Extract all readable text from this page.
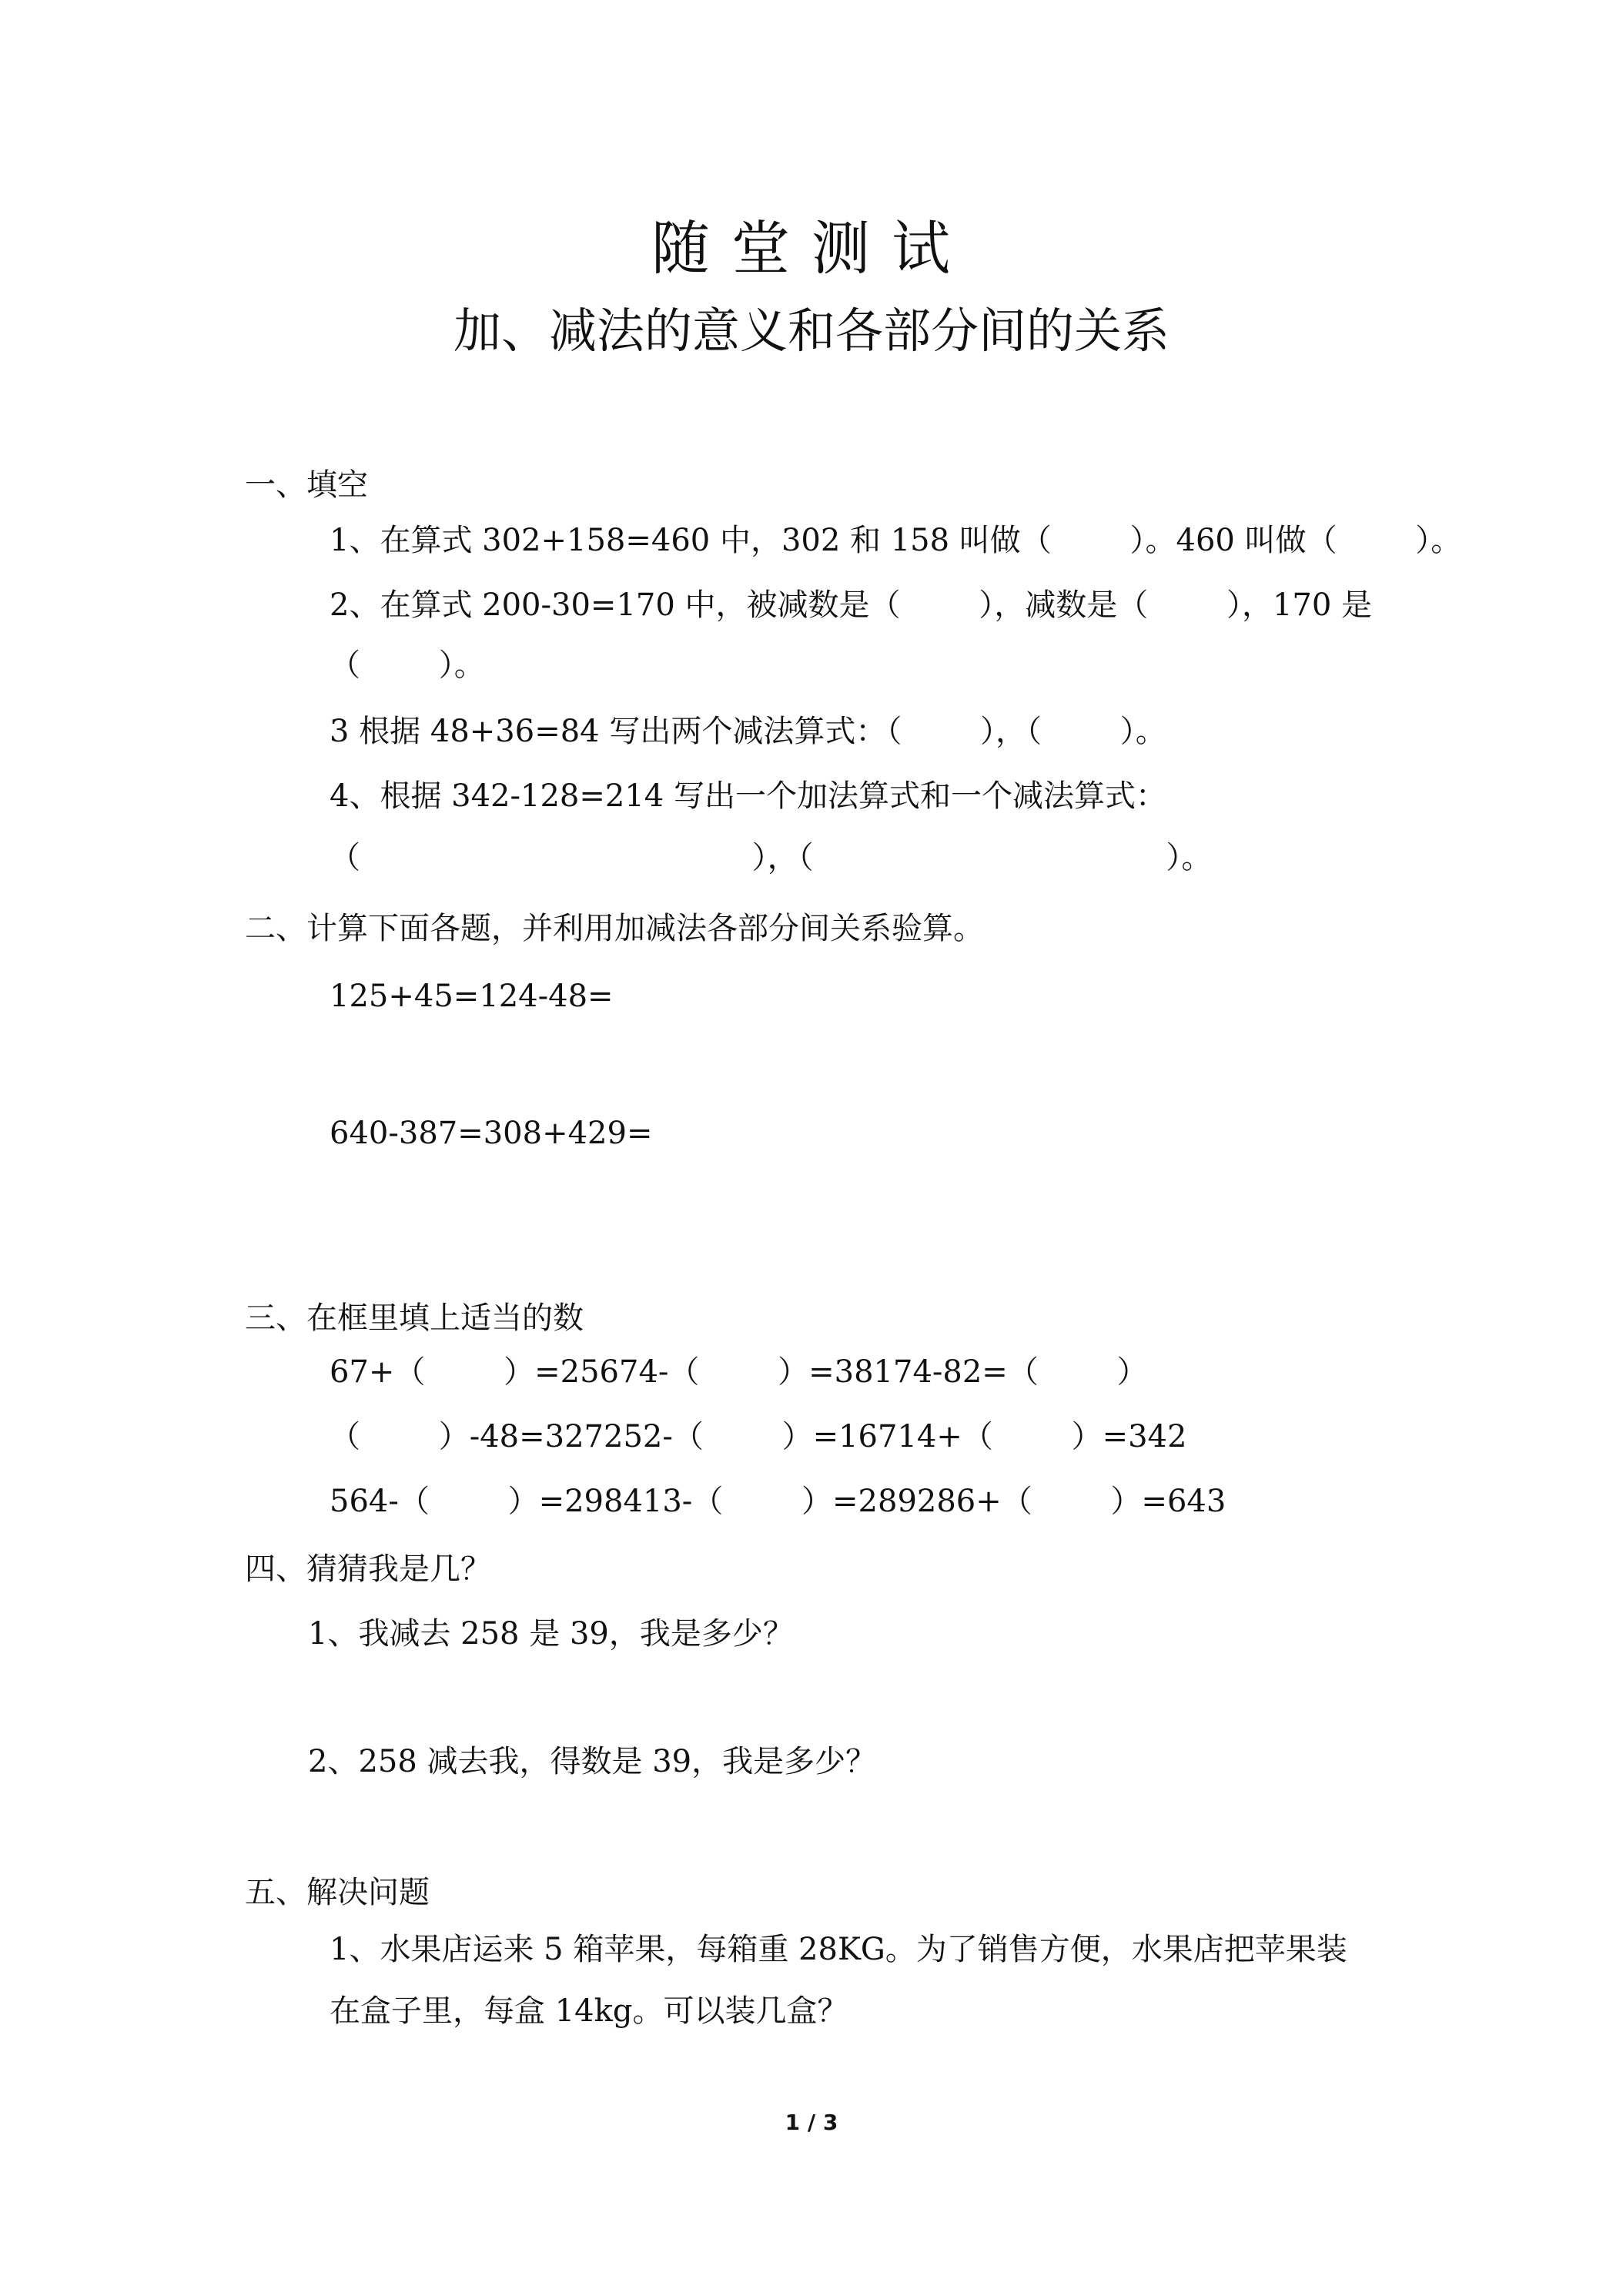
随堂测试
加、减法的意义和各部分间的关系
一、填空
1、在算式 302+158=460 中，302 和 158 叫做（        ）。460 叫做（        ）。
2、在算式 200-30=170 中，被减数是（        ），减数是（        ），170 是
（        ）。
3 根据 48+36=84 写出两个减法算式：（        ），（        ）。
4、根据 342-128=214 写出一个加法算式和一个减法算式：
（                                        ），（                                    ）。
二、计算下面各题，并利用加减法各部分间关系验算。
125+45=124-48=
640-387=308+429=
三、在框里填上适当的数
67+（        ）=25674-（        ）=38174-82=（        ）
（        ）-48=327252-（        ）=16714+（        ）=342
564-（        ）=298413-（        ）=289286+（        ）=643
四、猜猜我是几？
1、我减去 258 是 39，我是多少？
2、258 减去我，得数是 39，我是多少？
五、解决问题
1、水果店运来 5 箱苹果，每箱重 28KG。为了销售方便，水果店把苹果装
在盒子里，每盒 14kg。可以装几盒？
1 / 3
